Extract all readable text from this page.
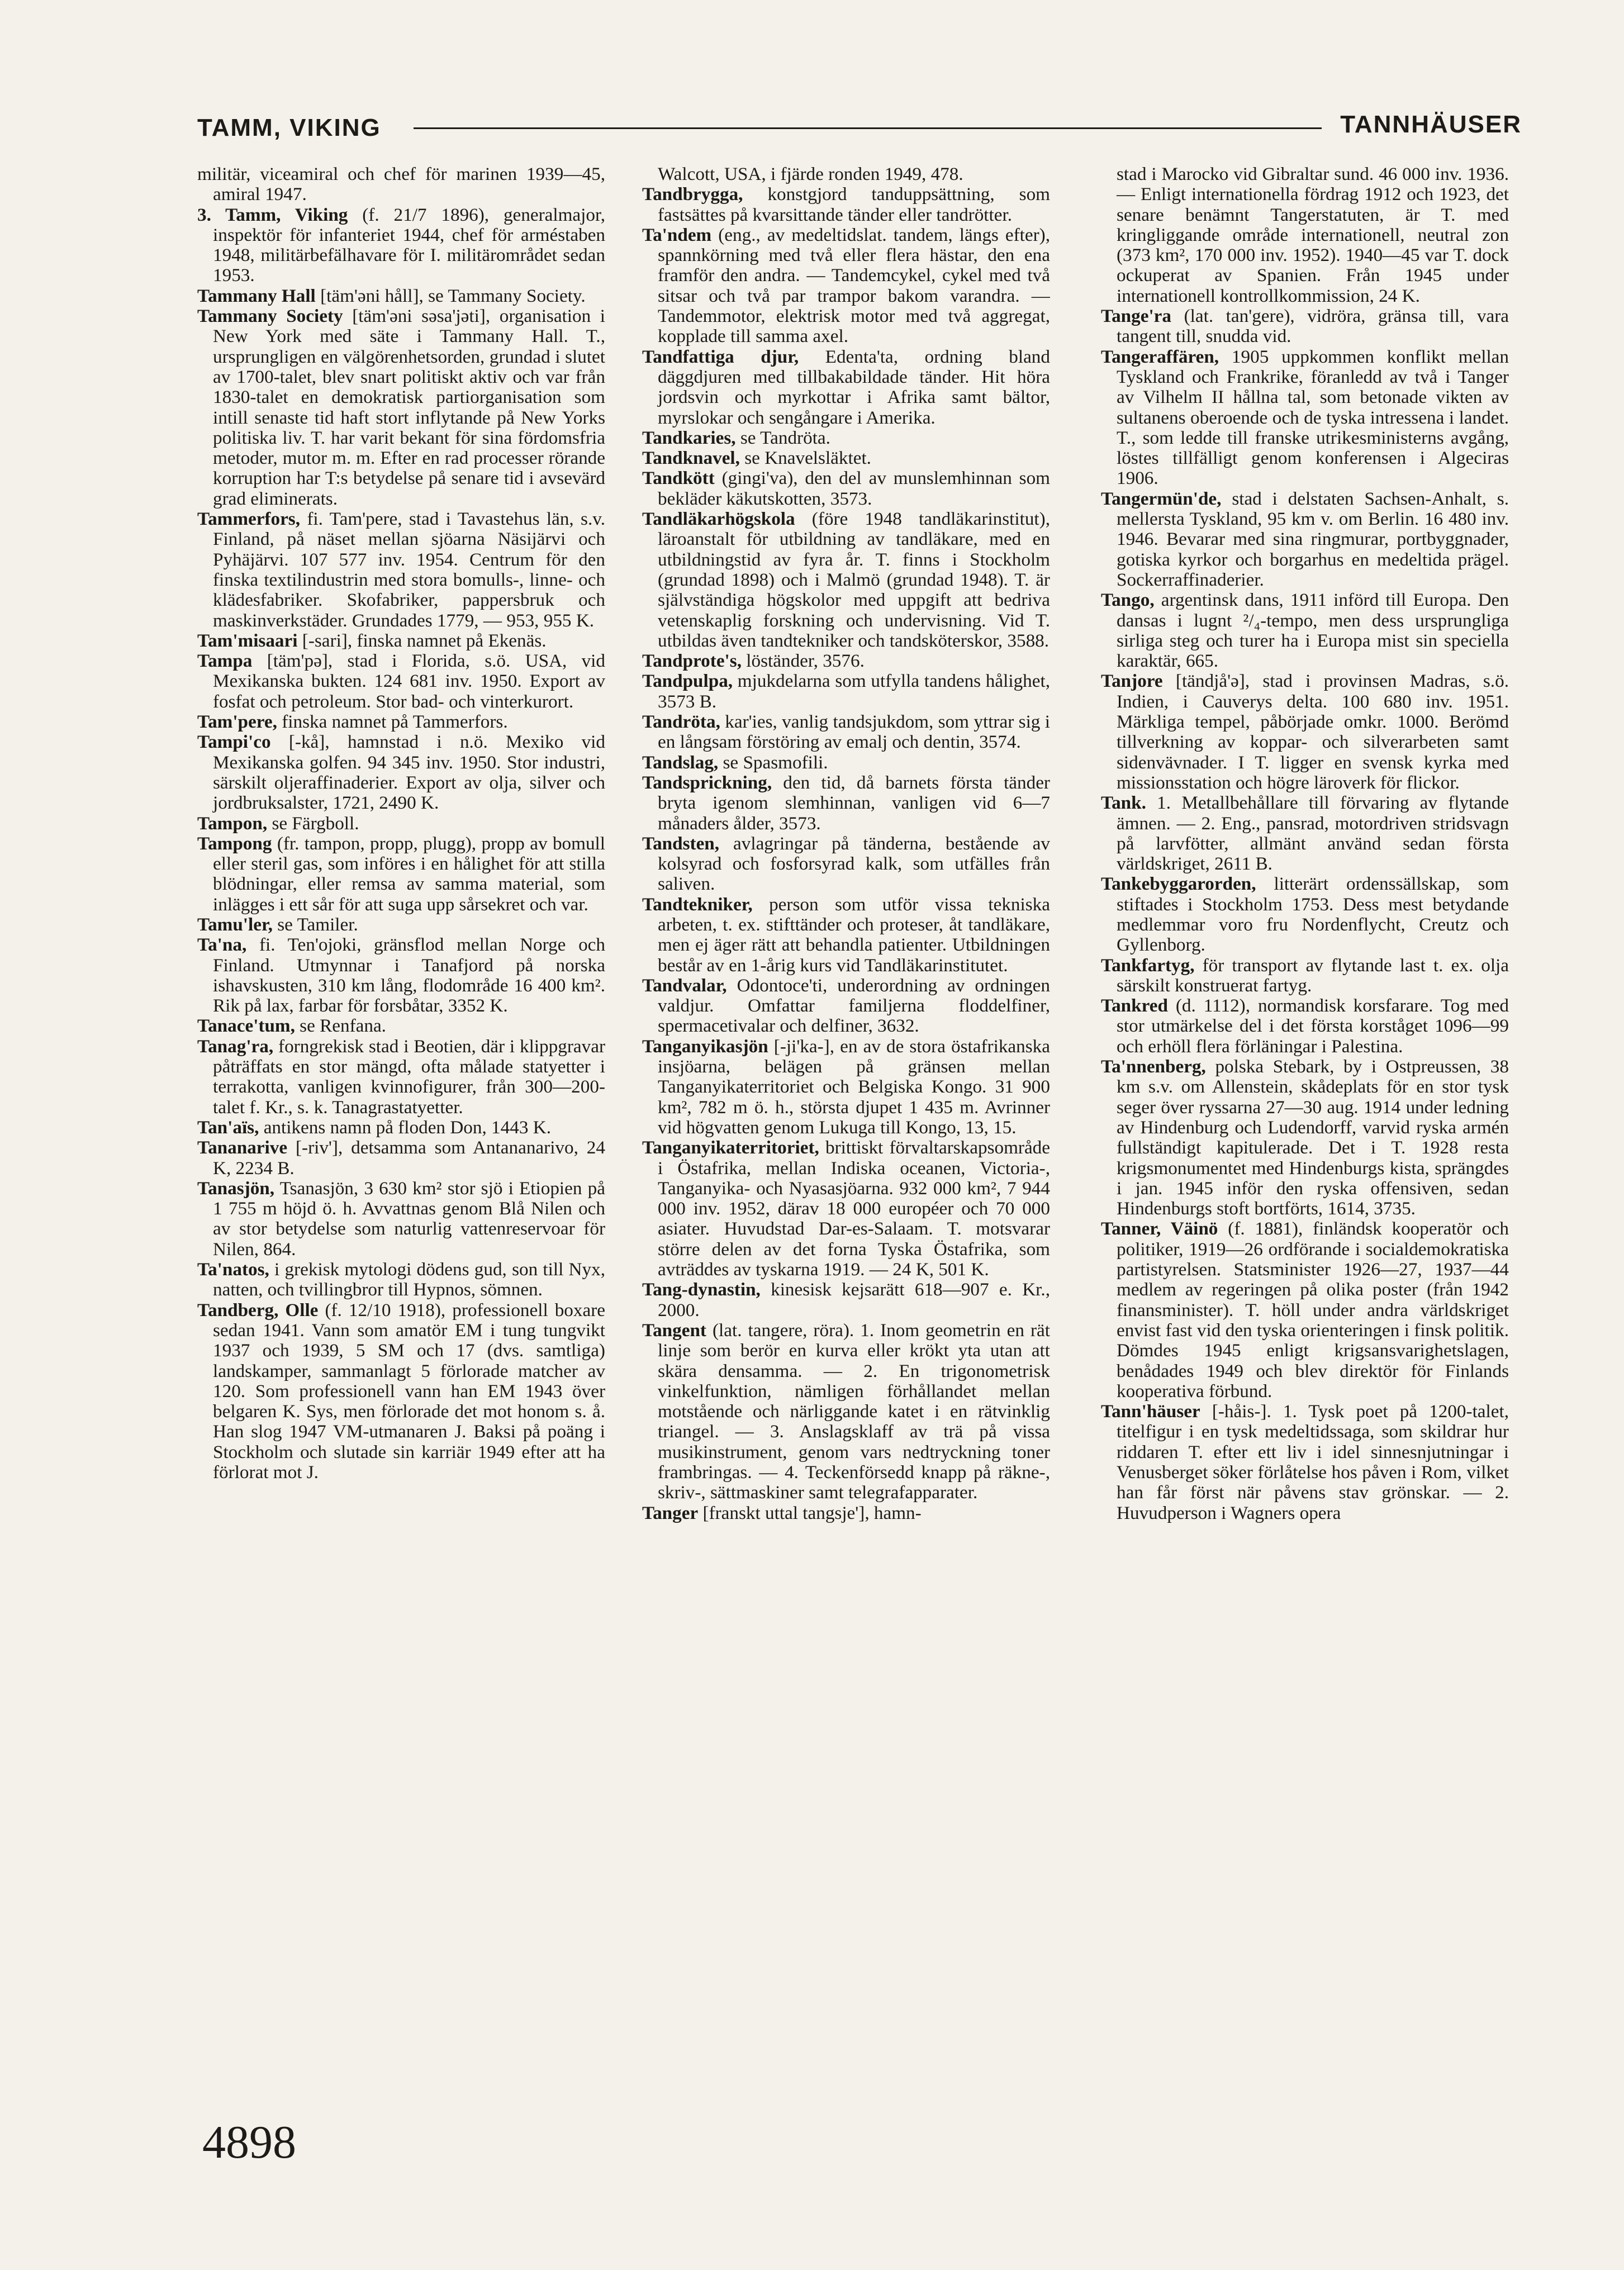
TAMM, VIKING	TANNHÄUSER

militär, viceamiral och chef för marinen 1939—45, amiral 1947.

3. Tamm, Viking (f. 21/7 1896), generalmajor, inspektör för infanteriet 1944, chef för arméstaben 1948, militärbefälhavare för I. militärområdet sedan 1953.

Tammany Hall [täm'əni håll], se Tammany Society.

Tammany Society [täm'əni səsa'jəti], organisation i New York med säte i Tammany Hall. T., ursprungligen en välgörenhetsorden, grundad i slutet av 1700-talet, blev snart politiskt aktiv och var från 1830-talet en demokratisk partiorganisation som intill senaste tid haft stort inflytande på New Yorks politiska liv. T. har varit bekant för sina fördomsfria metoder, mutor m. m. Efter en rad processer rörande korruption har T:s betydelse på senare tid i avsevärd grad eliminerats.

Tammerfors, fi. Tam'pere, stad i Tavastehus län, s.v. Finland, på näset mellan sjöarna Näsijärvi och Pyhäjärvi. 107 577 inv. 1954. Centrum för den finska textilindustrin med stora bomulls-, linne- och klädesfabriker. Skofabriker, pappersbruk och maskinverkstäder. Grundades 1779, — 953, 955 K.

Tam'misaari [-sari], finska namnet på Ekenäs.

Tampa [täm'pə], stad i Florida, s.ö. USA, vid Mexikanska bukten. 124 681 inv. 1950. Export av fosfat och petroleum. Stor bad- och vinterkurort.

Tam'pere, finska namnet på Tammerfors.

Tampi'co [-kå], hamnstad i n.ö. Mexiko vid Mexikanska golfen. 94 345 inv. 1950. Stor industri, särskilt oljeraffinaderier. Export av olja, silver och jordbruksalster, 1721, 2490 K.

Tampon, se Färgboll.

Tampong (fr. tampon, propp, plugg), propp av bomull eller steril gas, som införes i en hålighet för att stilla blödningar, eller remsa av samma material, som inlägges i ett sår för att suga upp sårsekret och var.

Tamu'ler, se Tamiler.

Ta'na, fi. Ten'ojoki, gränsflod mellan Norge och Finland. Utmynnar i Tanafjord på norska ishavskusten, 310 km lång, flodområde 16 400 km². Rik på lax, farbar för forsbåtar, 3352 K.

Tanace'tum, se Renfana.

Tanag'ra, forngrekisk stad i Beotien, där i klippgravar påträffats en stor mängd, ofta målade statyetter i terrakotta, vanligen kvinnofigurer, från 300—200-talet f. Kr., s. k. Tanagrastatyetter.

Tan'aïs, antikens namn på floden Don, 1443 K.

Tananarive [-riv'], detsamma som Antananarivo, 24 K, 2234 B.

Tanasjön, Tsanasjön, 3 630 km² stor sjö i Etiopien på 1 755 m höjd ö. h. Avvattnas genom Blå Nilen och av stor betydelse som naturlig vattenreservoar för Nilen, 864.

Ta'natos, i grekisk mytologi dödens gud, son till Nyx, natten, och tvillingbror till Hypnos, sömnen.

Tandberg, Olle (f. 12/10 1918), professionell boxare sedan 1941. Vann som amatör EM i tung tungvikt 1937 och 1939, 5 SM och 17 (dvs. samtliga) landskamper, sammanlagt 5 förlorade matcher av 120. Som professionell vann han EM 1943 över belgaren K. Sys, men förlorade det mot honom s. å. Han slog 1947 VM-utmanaren J. Baksi på poäng i Stockholm och slutade sin karriär 1949 efter att ha förlorat mot J.

Walcott, USA, i fjärde ronden 1949, 478.

Tandbrygga, konstgjord tanduppsättning, som fastsättes på kvarsittande tänder eller tandrötter.

Ta'ndem (eng., av medeltidslat. tandem, längs efter), spannkörning med två eller flera hästar, den ena framför den andra. — Tandemcykel, cykel med två sitsar och två par trampor bakom varandra. — Tandemmotor, elektrisk motor med två aggregat, kopplade till samma axel.

Tandfattiga djur, Edenta'ta, ordning bland däggdjuren med tillbakabildade tänder. Hit höra jordsvin och myrkottar i Afrika samt bältor, myrslokar och sengångare i Amerika.

Tandkaries, se Tandröta.

Tandknavel, se Knavelsläktet.

Tandkött (gingi'va), den del av munslemhinnan som bekläder käkutskotten, 3573.

Tandläkarhögskola (före 1948 tandläkarinstitut), läroanstalt för utbildning av tandläkare, med en utbildningstid av fyra år. T. finns i Stockholm (grundad 1898) och i Malmö (grundad 1948). T. är självständiga högskolor med uppgift att bedriva vetenskaplig forskning och undervisning. Vid T. utbildas även tandtekniker och tandsköterskor, 3588.

Tandprote's, löständer, 3576.

Tandpulpa, mjukdelarna som utfylla tandens hålighet, 3573 B.

Tandröta, kar'ies, vanlig tandsjukdom, som yttrar sig i en långsam förstöring av emalj och dentin, 3574.

Tandslag, se Spasmofili.

Tandsprickning, den tid, då barnets första tänder bryta igenom slemhinnan, vanligen vid 6—7 månaders ålder, 3573.

Tandsten, avlagringar på tänderna, bestående av kolsyrad och fosforsyrad kalk, som utfälles från saliven.

Tandtekniker, person som utför vissa tekniska arbeten, t. ex. stifttänder och proteser, åt tandläkare, men ej äger rätt att behandla patienter. Utbildningen består av en 1-årig kurs vid Tandläkarinstitutet.

Tandvalar, Odontoce'ti, underordning av ordningen valdjur. Omfattar familjerna floddelfiner, spermacetivalar och delfiner, 3632.

Tanganyikasjön [-ji'ka-], en av de stora östafrikanska insjöarna, belägen på gränsen mellan Tanganyikaterritoriet och Belgiska Kongo. 31 900 km², 782 m ö. h., största djupet 1 435 m. Avrinner vid högvatten genom Lukuga till Kongo, 13, 15.

Tanganyikaterritoriet, brittiskt förvaltarskapsområde i Östafrika, mellan Indiska oceanen, Victoria-, Tanganyika- och Nyasasjöarna. 932 000 km², 7 944 000 inv. 1952, därav 18 000 européer och 70 000 asiater. Huvudstad Dar-es-Salaam. T. motsvarar större delen av det forna Tyska Östafrika, som avträddes av tyskarna 1919. — 24 K, 501 K.

Tang-dynastin, kinesisk kejsarätt 618—907 e. Kr., 2000.

Tangent (lat. tangere, röra). 1. Inom geometrin en rät linje som berör en kurva eller krökt yta utan att skära densamma. — 2. En trigonometrisk vinkelfunktion, nämligen förhållandet mellan motstående och närliggande katet i en rätvinklig triangel. — 3. Anslagsklaff av trä på vissa musikinstrument, genom vars nedtryckning toner frambringas. — 4. Teckenförsedd knapp på räkne-, skriv-, sättmaskiner samt telegrafapparater.

Tanger [franskt uttal tangsje'], hamn-

stad i Marocko vid Gibraltar sund. 46 000 inv. 1936. — Enligt internationella fördrag 1912 och 1923, det senare benämnt Tangerstatuten, är T. med kringliggande område internationell, neutral zon (373 km², 170 000 inv. 1952). 1940—45 var T. dock ockuperat av Spanien. Från 1945 under internationell kontrollkommission, 24 K.

Tange'ra (lat. tan'gere), vidröra, gränsa till, vara tangent till, snudda vid.

Tangeraffären, 1905 uppkommen konflikt mellan Tyskland och Frankrike, föranledd av två i Tanger av Vilhelm II hållna tal, som betonade vikten av sultanens oberoende och de tyska intressena i landet. T., som ledde till franske utrikesministerns avgång, löstes tillfälligt genom konferensen i Algeciras 1906.

Tangermün'de, stad i delstaten Sachsen-Anhalt, s. mellersta Tyskland, 95 km v. om Berlin. 16 480 inv. 1946. Bevarar med sina ringmurar, portbyggnader, gotiska kyrkor och borgarhus en medeltida prägel. Sockerraffinaderier.

Tango, argentinsk dans, 1911 införd till Europa. Den dansas i lugnt ²/₄-tempo, men dess ursprungliga sirliga steg och turer ha i Europa mist sin speciella karaktär, 665.

Tanjore [tändjå'ə], stad i provinsen Madras, s.ö. Indien, i Cauverys delta. 100 680 inv. 1951. Märkliga tempel, påbörjade omkr. 1000. Berömd tillverkning av koppar- och silverarbeten samt sidenvävnader. I T. ligger en svensk kyrka med missionsstation och högre läroverk för flickor.

Tank. 1. Metallbehållare till förvaring av flytande ämnen. — 2. Eng., pansrad, motordriven stridsvagn på larvfötter, allmänt använd sedan första världskriget, 2611 B.

Tankebyggarorden, litterärt ordenssällskap, som stiftades i Stockholm 1753. Dess mest betydande medlemmar voro fru Nordenflycht, Creutz och Gyllenborg.

Tankfartyg, för transport av flytande last t. ex. olja särskilt konstruerat fartyg.

Tankred (d. 1112), normandisk korsfarare. Tog med stor utmärkelse del i det första korståget 1096—99 och erhöll flera förläningar i Palestina.

Ta'nnenberg, polska Stebark, by i Ostpreussen, 38 km s.v. om Allenstein, skådeplats för en stor tysk seger över ryssarna 27—30 aug. 1914 under ledning av Hindenburg och Ludendorff, varvid ryska armén fullständigt kapitulerade. Det i T. 1928 resta krigsmonumentet med Hindenburgs kista, sprängdes i jan. 1945 inför den ryska offensiven, sedan Hindenburgs stoft bortförts, 1614, 3735.

Tanner, Väinö (f. 1881), finländsk kooperatör och politiker, 1919—26 ordförande i socialdemokratiska partistyrelsen. Statsminister 1926—27, 1937—44 medlem av regeringen på olika poster (från 1942 finansminister). T. höll under andra världskriget envist fast vid den tyska orienteringen i finsk politik. Dömdes 1945 enligt krigsansvarighetslagen, benådades 1949 och blev direktör för Finlands kooperativa förbund.

Tann'häuser [-håis-]. 1. Tysk poet på 1200-talet, titelfigur i en tysk medeltidssaga, som skildrar hur riddaren T. efter ett liv i idel sinnesnjutningar i Venusberget söker förlåtelse hos påven i Rom, vilket han får först när påvens stav grönskar. — 2. Huvudperson i Wagners opera

4898
